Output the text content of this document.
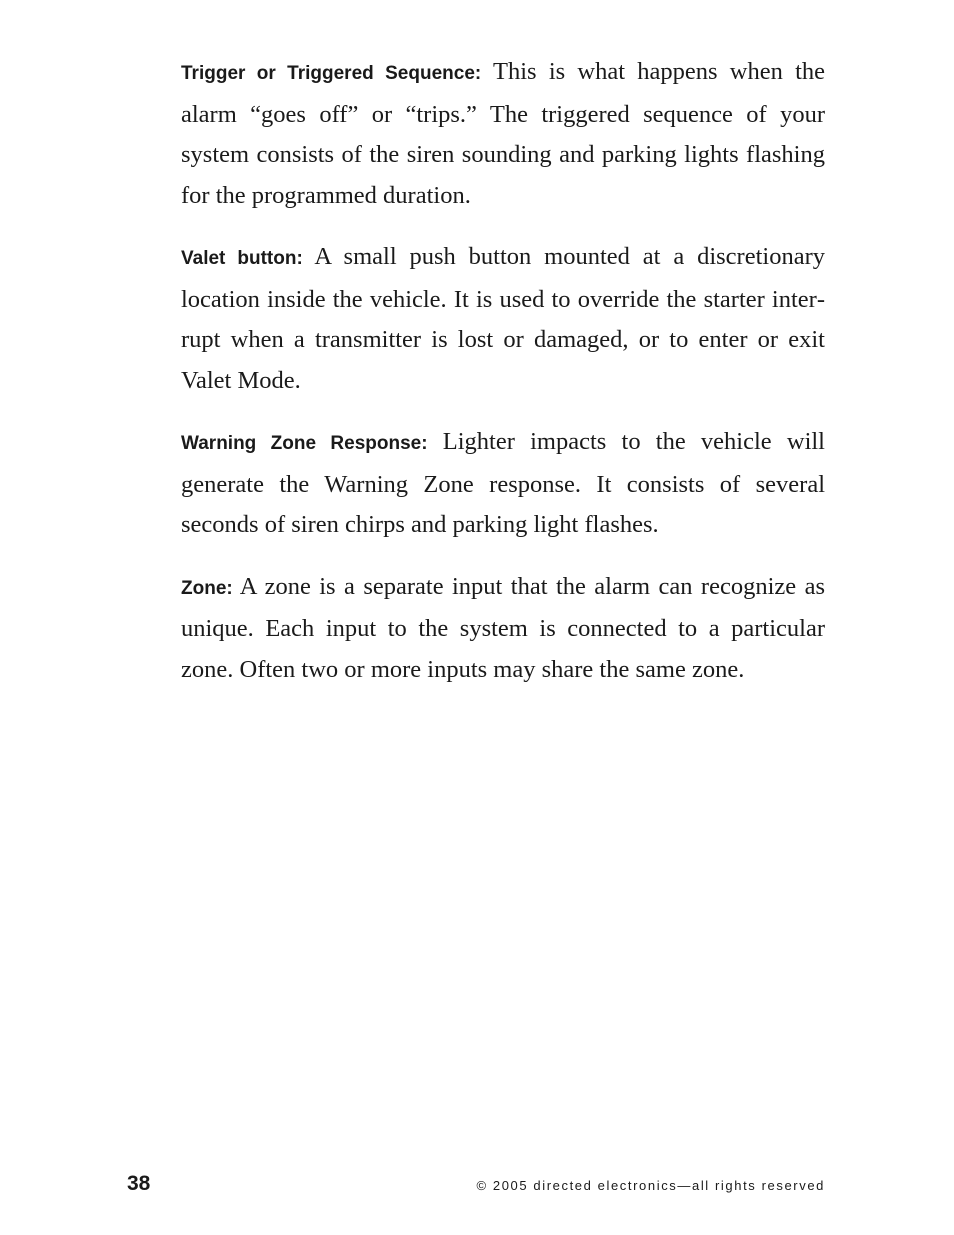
Trigger or Triggered Sequence: This is what happens when the alarm “goes off” or “trips.” The triggered sequence of your system consists of the siren sounding and parking lights flashing for the programmed duration.

Valet button: A small push button mounted at a discretionary location inside the vehicle. It is used to override the starter interrupt when a transmitter is lost or damaged, or to enter or exit Valet Mode.

Warning Zone Response: Lighter impacts to the vehicle will generate the Warning Zone response. It consists of several seconds of siren chirps and parking light flashes.

Zone: A zone is a separate input that the alarm can recognize as unique. Each input to the system is connected to a particular zone. Often two or more inputs may share the same zone.

38	© 2005 directed electronics—all rights reserved
